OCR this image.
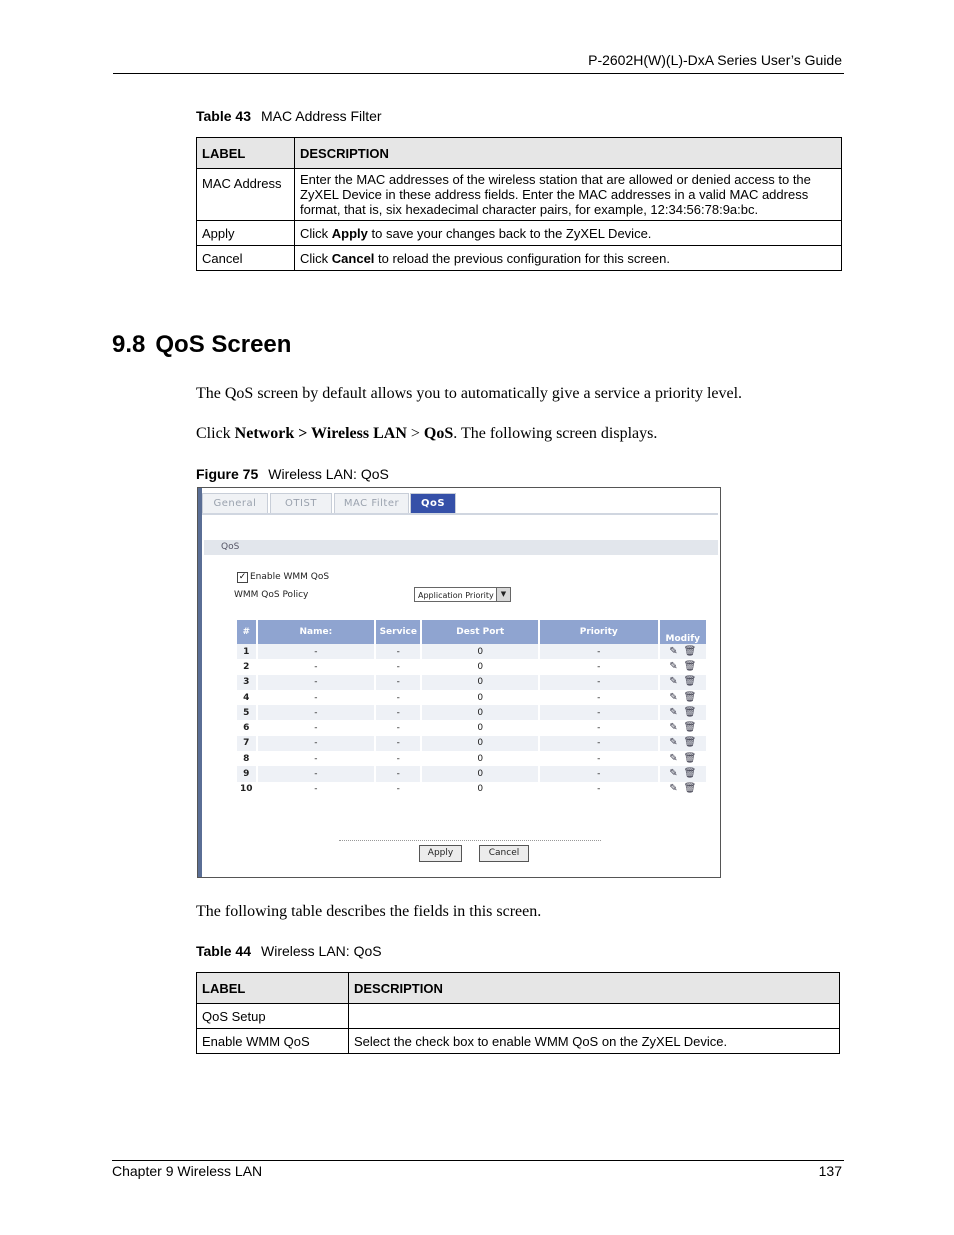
P-2602H(W)(L)-DxA Series User’s Guide
Table 43 MAC Address Filter
LABEL	DESCRIPTION
MAC Address	Enter the MAC addresses of the wireless station that are allowed or denied access to the ZyXEL Device in these address fields. Enter the MAC addresses in a valid MAC address format, that is, six hexadecimal character pairs, for example, 12:34:56:78:9a:bc.
Apply	Click Apply to save your changes back to the ZyXEL Device.
Cancel	Click Cancel to reload the previous configuration for this screen.
9.8 QoS Screen
The QoS screen by default allows you to automatically give a service a priority level.
Click Network > Wireless LAN > QoS. The following screen displays.
Figure 75 Wireless LAN: QoS
General	OTIST	MAC Filter	QoS
QoS
✓ Enable WMM QoS
WMM QoS Policy	Application Priority	▼
#	Name:	Service	Dest Port	Priority	Modify
1	-	-	0	-	✎ 🗑
2	-	-	0	-	✎ 🗑
3	-	-	0	-	✎ 🗑
4	-	-	0	-	✎ 🗑
5	-	-	0	-	✎ 🗑
6	-	-	0	-	✎ 🗑
7	-	-	0	-	✎ 🗑
8	-	-	0	-	✎ 🗑
9	-	-	0	-	✎ 🗑
10	-	-	0	-	✎ 🗑
Apply	Cancel
The following table describes the fields in this screen.
Table 44 Wireless LAN: QoS
LABEL	DESCRIPTION
QoS Setup	
Enable WMM QoS	Select the check box to enable WMM QoS on the ZyXEL Device.
Chapter 9 Wireless LAN	137
